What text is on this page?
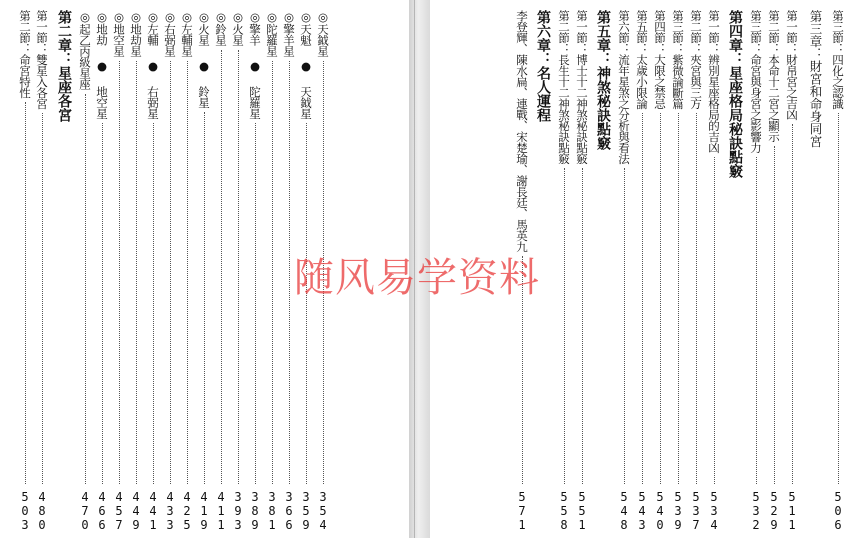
◎天鉞星
354
◎天魁 ● 天鉞星
359
◎擎羊星
366
◎陀羅星
381
◎擎羊 ● 陀羅星
389
◎火星
393
◎鈴星
411
◎火星 ● 鈴星
419
◎左輔星
425
◎右弼星
433
◎左輔 ● 右弼星
441
◎地劫星
449
◎地空星
457
◎地劫 ● 地空星
466
◎起乙丙級星座
470
第二章：星座各宮
第一節：雙星入各宮
480
第二節：命宮特性
503
第三節：四化之認識
506
第三章：財宮和命身同宮
第一節：財帛宮之吉凶
511
第二節：本命十二宮之顯示
529
第三節：命宮與身宮之影響力
532
第四章：星座格局秘訣點竅
第一節：辨別星座格局的吉凶
534
第二節：夾宮與三方
537
第三節：紫微論斷篇
539
第四節：大限之禁忌
540
第五節：太歲小限論
543
第六節：流年星煞之分析與看法
548
第五章：神煞秘訣點竅
第一節：博士十二神煞秘訣點竅
551
第二節：長生十二神煞秘訣點竅
558
第六章：名人運程
李登輝、陳水扁、連戰、宋楚瑜、謝長廷、馬英九
571
随风易学资料
